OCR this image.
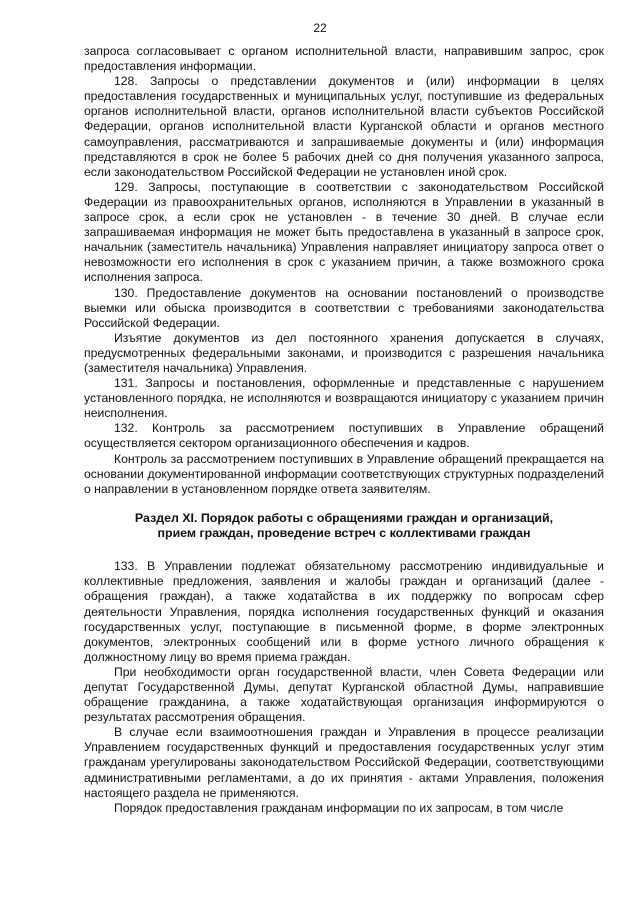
22

запроса согласовывает с органом исполнительной власти, направившим запрос, срок предоставления информации.

128. Запросы о представлении документов и (или) информации в целях предоставления государственных и муниципальных услуг, поступившие из федеральных органов исполнительной власти, органов исполнительной власти субъектов Российской Федерации, органов исполнительной власти Курганской области и органов местного самоуправления, рассматриваются и запрашиваемые документы и (или) информация представляются в срок не более 5 рабочих дней со дня получения указанного запроса, если законодательством Российской Федерации не установлен иной срок.

129. Запросы, поступающие в соответствии с законодательством Российской Федерации из правоохранительных органов, исполняются в Управлении в указанный в запросе срок, а если срок не установлен - в течение 30 дней. В случае если запрашиваемая информация не может быть предоставлена в указанный в запросе срок, начальник (заместитель начальника) Управления направляет инициатору запроса ответ о невозможности его исполнения в срок с указанием причин, а также возможного срока исполнения запроса.

130. Предоставление документов на основании постановлений о производстве выемки или обыска производится в соответствии с требованиями законодательства Российской Федерации.

Изъятие документов из дел постоянного хранения допускается в случаях, предусмотренных федеральными законами, и производится с разрешения начальника (заместителя начальника) Управления.

131. Запросы и постановления, оформленные и представленные с нарушением установленного порядка, не исполняются и возвращаются инициатору с указанием причин неисполнения.

132. Контроль за рассмотрением поступивших в Управление обращений осуществляется сектором организационного обеспечения и кадров.

Контроль за рассмотрением поступивших в Управление обращений прекращается на основании документированной информации соответствующих структурных подразделений о направлении в установленном порядке ответа заявителям.

Раздел XI. Порядок работы с обращениями граждан и организаций, прием граждан, проведение встреч с коллективами граждан

133. В Управлении подлежат обязательному рассмотрению индивидуальные и коллективные предложения, заявления и жалобы граждан и организаций (далее - обращения граждан), а также ходатайства в их поддержку по вопросам сфер деятельности Управления, порядка исполнения государственных функций и оказания государственных услуг, поступающие в письменной форме, в форме электронных документов, электронных сообщений или в форме устного личного обращения к должностному лицу во время приема граждан.

При необходимости орган государственной власти, член Совета Федерации или депутат Государственной Думы, депутат Курганской областной Думы, направившие обращение гражданина, а также ходатайствующая организация информируются о результатах рассмотрения обращения.

В случае если взаимоотношения граждан и Управления в процессе реализации Управлением государственных функций и предоставления государственных услуг этим гражданам урегулированы законодательством Российской Федерации, соответствующими административными регламентами, а до их принятия - актами Управления, положения настоящего раздела не применяются.

Порядок предоставления гражданам информации по их запросам, в том числе
